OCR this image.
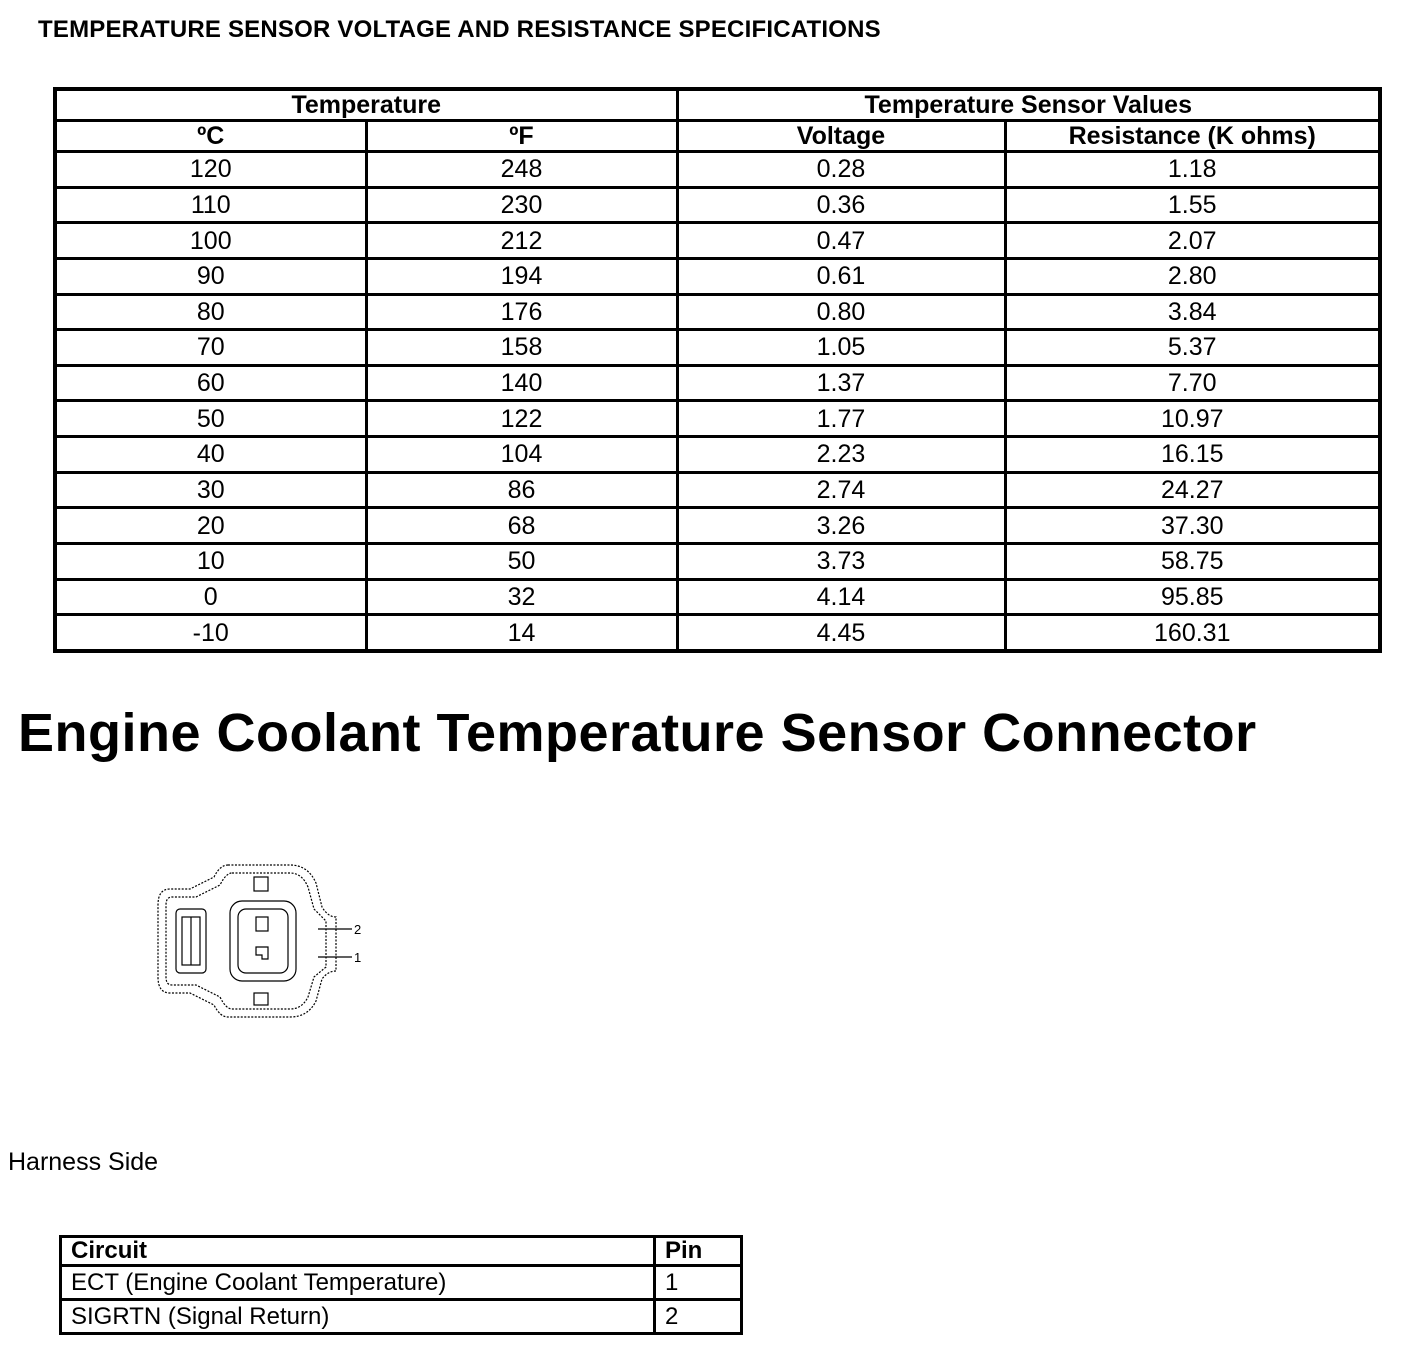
TEMPERATURE SENSOR VOLTAGE AND RESISTANCE SPECIFICATIONS
Temperature		Temperature Sensor Values	
ºC	ºF	Voltage	Resistance (K ohms)
120	248	0.28	1.18
110	230	0.36	1.55
100	212	0.47	2.07
90	194	0.61	2.80
80	176	0.80	3.84
70	158	1.05	5.37
60	140	1.37	7.70
50	122	1.77	10.97
40	104	2.23	16.15
30	86	2.74	24.27
20	68	3.26	37.30
10	50	3.73	58.75
0	32	4.14	95.85
-10	14	4.45	160.31
Engine Coolant Temperature Sensor Connector
2
1
Harness Side
Circuit	Pin
ECT (Engine Coolant Temperature)	1
SIGRTN (Signal Return)	2
